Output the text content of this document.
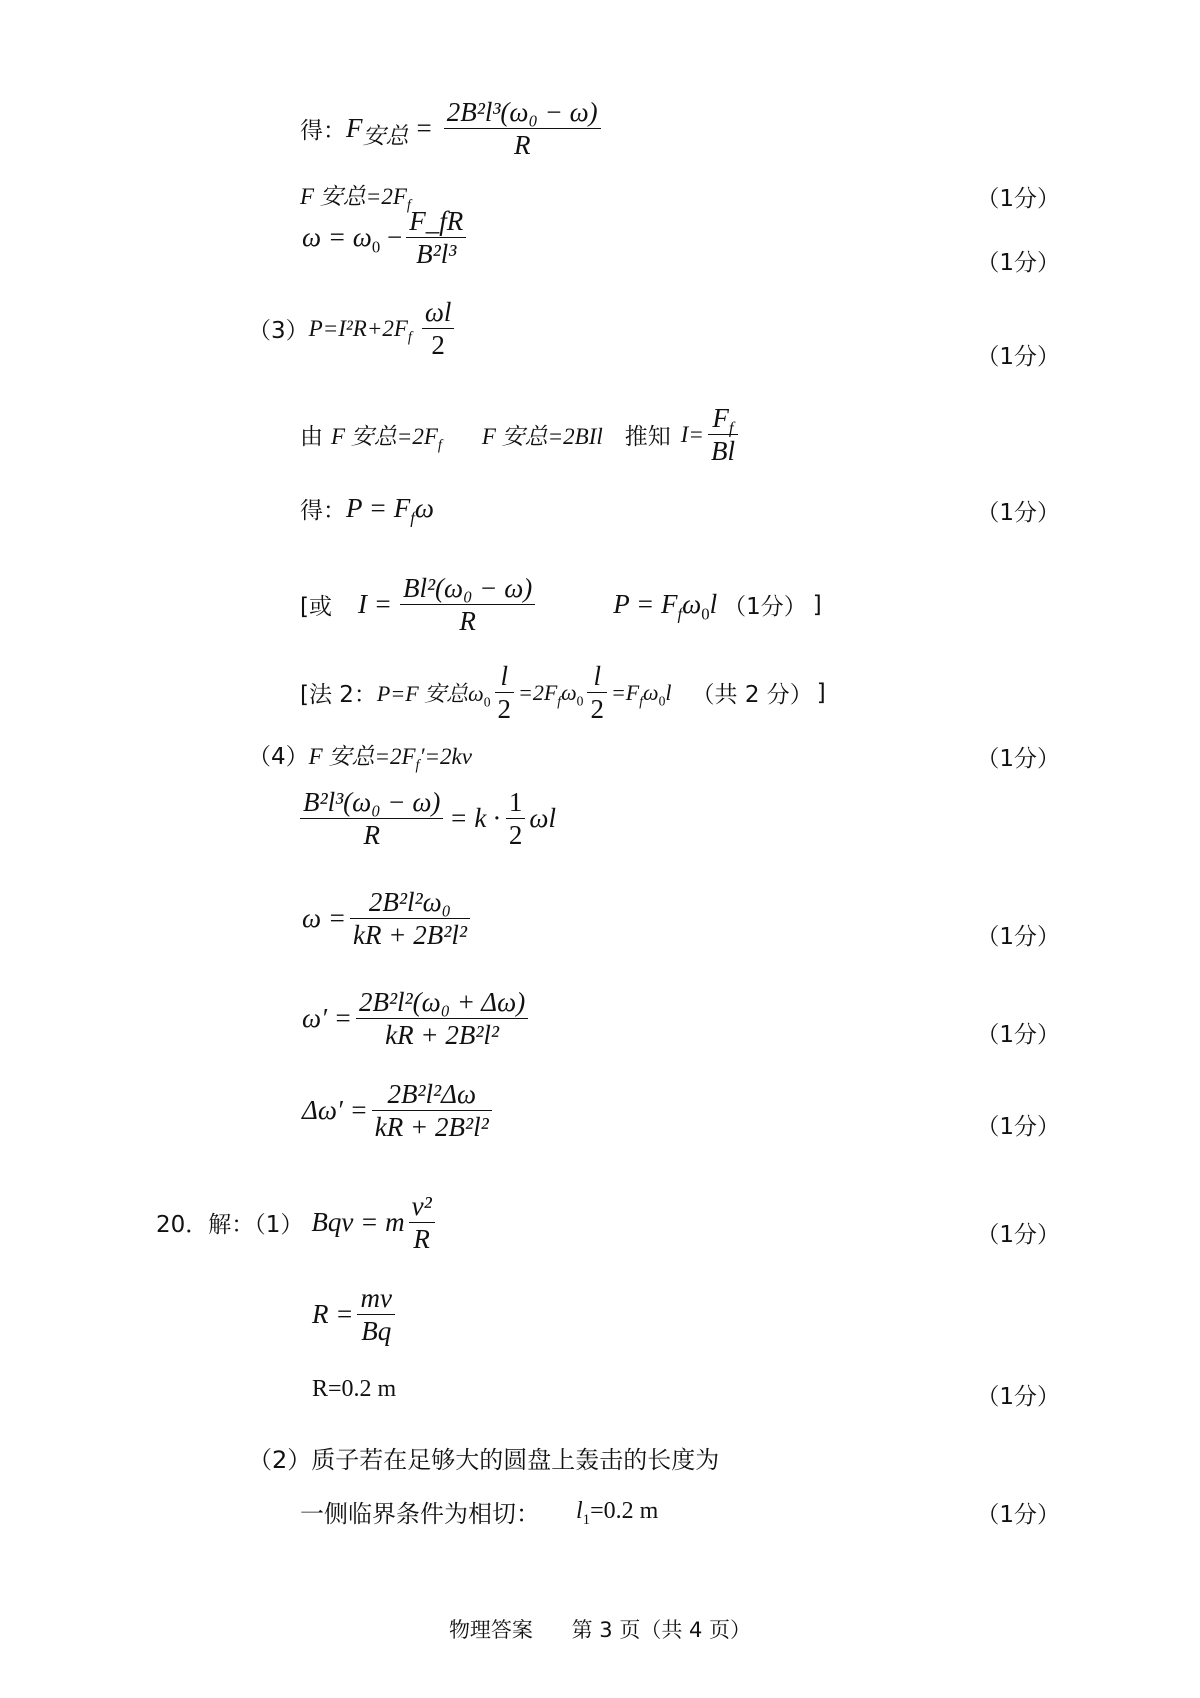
得： $F_{安总} = \frac{\text{2B²l³(ω₀ − ω)}}{R}$
F 安总$=2F_f$	（1分）
$\omega = \omega_0 - \frac{F\_fR}{\text{B²l³}}$	（1分）
（3） $P=I^2R+2F_f \frac{\omega l}{2}$	（1分）
由 F 安总$=2F_f$ F 安总=2BIl 推知 $I= \frac{F_f}{Bl}$
得： $P = F_f\omega$	（1分）
[或 $I = \frac{\text{Bl²(ω₀ − ω)}}{R}$	$P = F_f\omega_0l$ （1分） ]
[法 2： P=F 安总$\omega_0 \frac{l}{2} =2F_f\omega_0 \frac{l}{2} =F_f\omega_0l$ （共 2 分） ]
（4） F 安总$=2F_f'=2kv$	（1分）
$\frac{\text{B²l³(ω₀ − ω)}}{R} = k \cdot \frac{1}{2}$ ωl
$\omega = \frac{\text{2B²l²ω₀}}{\text{kR + 2B²l²}}$	（1分）
$\omega' = \frac{\text{2B²l²(ω₀ + Δω)}}{\text{kR + 2B²l²}}$	（1分）
$\Delta\omega' = \frac{\text{2B²l²Δω}}{\text{kR + 2B²l²}}$	（1分）
20．解：（1） Bqv = m $\frac{\text{v²}}{R}$	（1分）
$R = \frac{mv}{Bq}$
R=0.2 m	（1分）
（2）质子若在足够大的圆盘上轰击的长度为
一侧临界条件为相切： $l_1=0.2$ m	（1分）
物理答案 第 3 页（共 4 页）
